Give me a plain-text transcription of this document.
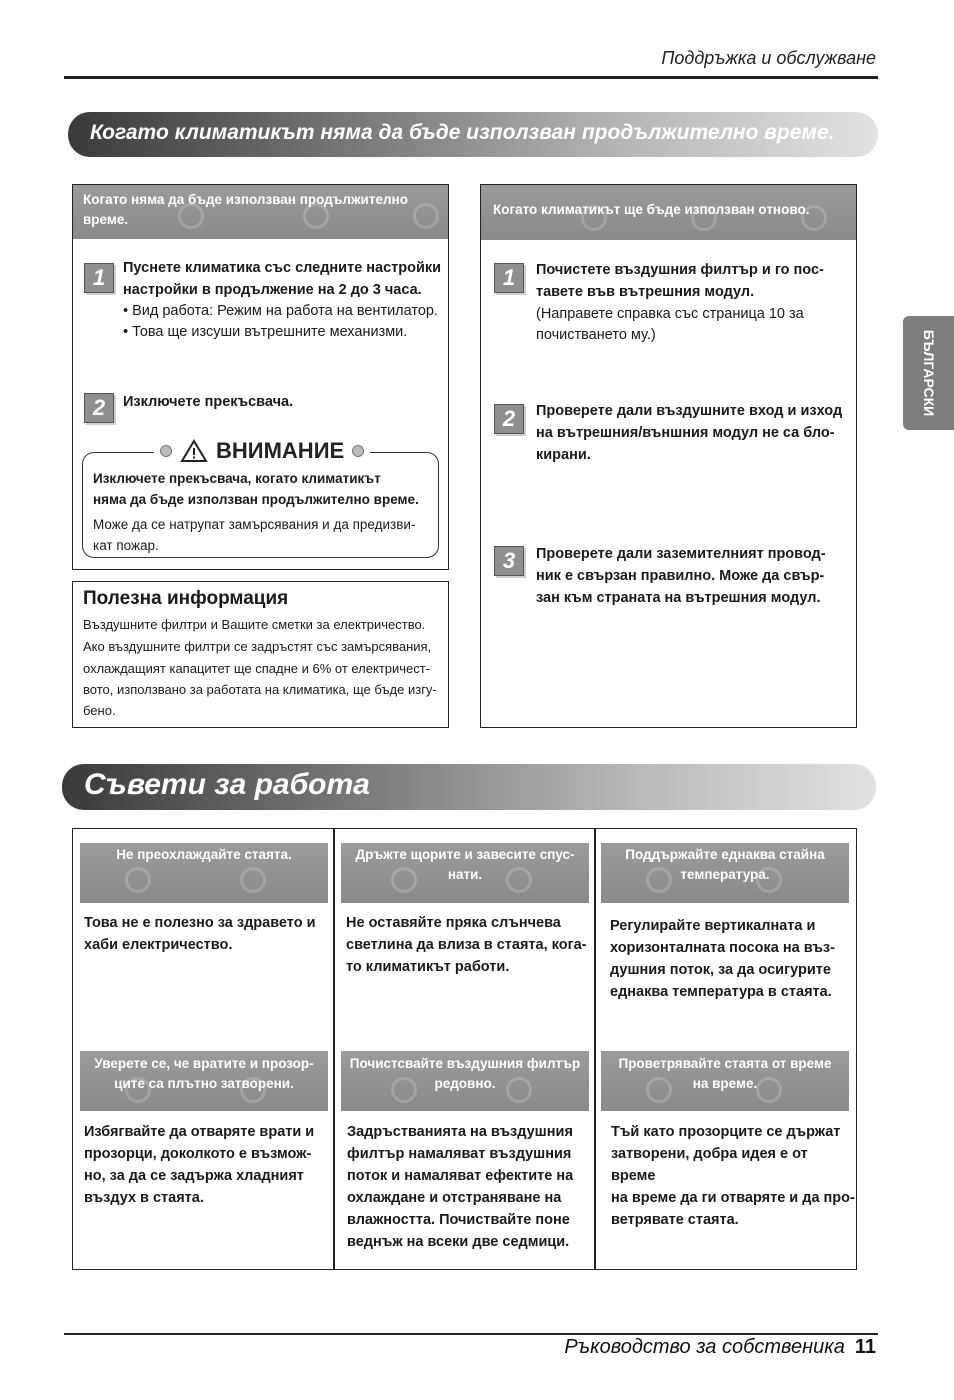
Поддръжка и обслужване
БЪЛГАРСКИ
Когато климатикът няма да бъде използван продължително време.
Когато няма да бъде използван продължително време.
1	Пуснете климатика със следните настройки
настройки в продължение на 2 до 3 часа.
• Вид работа: Режим на работа на вентилатор.
• Това ще изсуши вътрешните механизми.
2	Изключете прекъсвача.
ВНИМАНИЕ
Изключете прекъсвача, когато климатикът
няма да бъде използван продължително време.
Може да се натрупат замърсявания и да предизви-
кат пожар.
Полезна информация
Въздушните филтри и Вашите сметки за електричество.
Ако въздушните филтри се задръстят със замърсявания,
охлаждащият капацитет ще спадне и 6% от електричест-
вото, използвано за работата на климатика, ще бъде изгу-
бено.
Когато климатикът ще бъде използван отново.
1	Почистете въздушния филтър и го пос-
тавете във вътрешния модул.
(Направете справка със страница 10 за
почистването му.)
2	Проверете дали въздушните вход и изход
на вътрешния/външния модул не са бло-
кирани.
3	Проверете дали заземителният провод-
ник е свързан правилно. Може да свър-
зан към страната на вътрешния модул.
Съвети за работа
Не преохлаждайте стаята.	Дръжте щорите и завесите спус-
нати.
Поддържайте еднаква стайна
температура.
Това не е полезно за здравето и
хаби електричество.
Не оставяйте пряка слънчева
светлина да влиза в стаята, кога-
то климатикът работи.
Регулирайте вертикалната и
хоризонталната посока на въз-
душния поток, за да осигурите
еднаква температура в стаята.
Уверете се, че вратите и прозор-
ците са плътно затворени.
Почистсвайте въздушния филтър
редовно.
Проветрявайте стаята от време
на време.
Избягвайте да отваряте врати и
прозорци, доколкото е възмож-
но, за да се задържа хладният
въздух в стаята.
Задръстванията на въздушния
филтър намаляват въздушния
поток и намаляват ефектите на
охлаждане и отстраняване на
влажността. Почиствайте поне
веднъж на всеки две седмици.
Тъй като прозорците се държат
затворени, добра идея е от време
на време да ги отваряте и да про-
ветрявате стаята.
Ръководство за собственика 11
